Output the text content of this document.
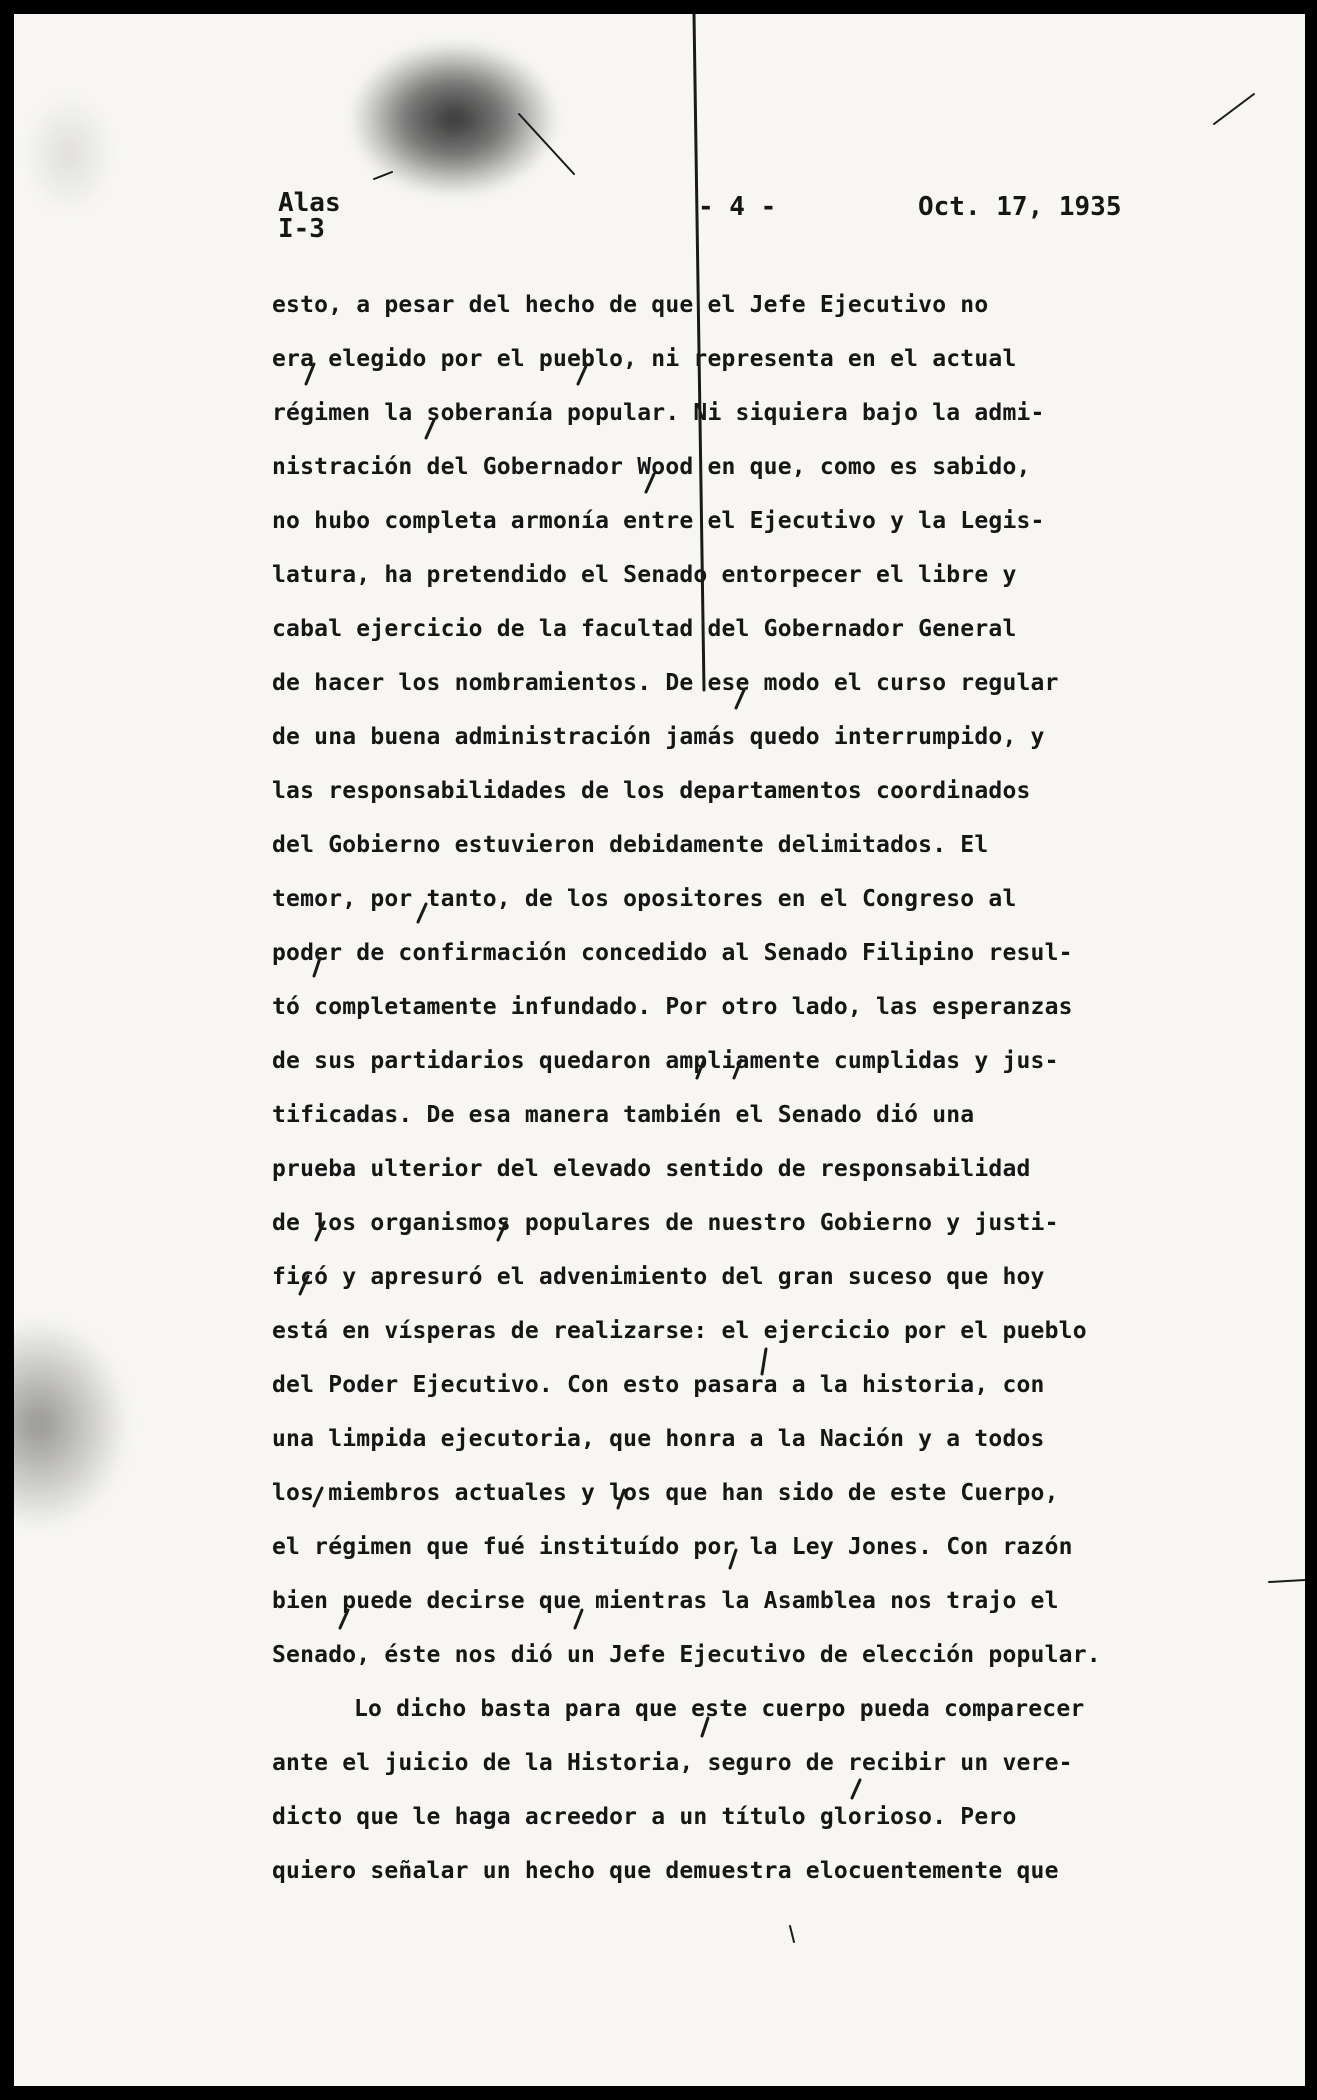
Alas
I-3
- 4 -	Oct. 17, 1935
esto, a pesar del hecho de que el Jefe Ejecutivo no
era elegido por el pueblo, ni representa en el actual
régimen la soberanía popular. Ni siquiera bajo la admi-
nistración del Gobernador Wood en que, como es sabido,
no hubo completa armonía entre el Ejecutivo y la Legis-
latura, ha pretendido el Senado entorpecer el libre y
cabal ejercicio de la facultad del Gobernador General
de hacer los nombramientos. De ese modo el curso regular
de una buena administración jamás quedo interrumpido, y
las responsabilidades de los departamentos coordinados
del Gobierno estuvieron debidamente delimitados. El
temor, por tanto, de los opositores en el Congreso al
poder de confirmación concedido al Senado Filipino resul-
tó completamente infundado. Por otro lado, las esperanzas
de sus partidarios quedaron ampliamente cumplidas y jus-
tificadas. De esa manera también el Senado dió una
prueba ulterior del elevado sentido de responsabilidad
de los organismos populares de nuestro Gobierno y justi-
ficó y apresuró el advenimiento del gran suceso que hoy
está en vísperas de realizarse: el ejercicio por el pueblo
del Poder Ejecutivo. Con esto pasara a la historia, con
una limpida ejecutoria, que honra a la Nación y a todos
los miembros actuales y los que han sido de este Cuerpo,
el régimen que fué instituído por la Ley Jones. Con razón
bien puede decirse que mientras la Asamblea nos trajo el
Senado, éste nos dió un Jefe Ejecutivo de elección popular.
Lo dicho basta para que este cuerpo pueda comparecer
ante el juicio de la Historia, seguro de recibir un vere-
dicto que le haga acreedor a un título glorioso. Pero
quiero señalar un hecho que demuestra elocuentemente que
